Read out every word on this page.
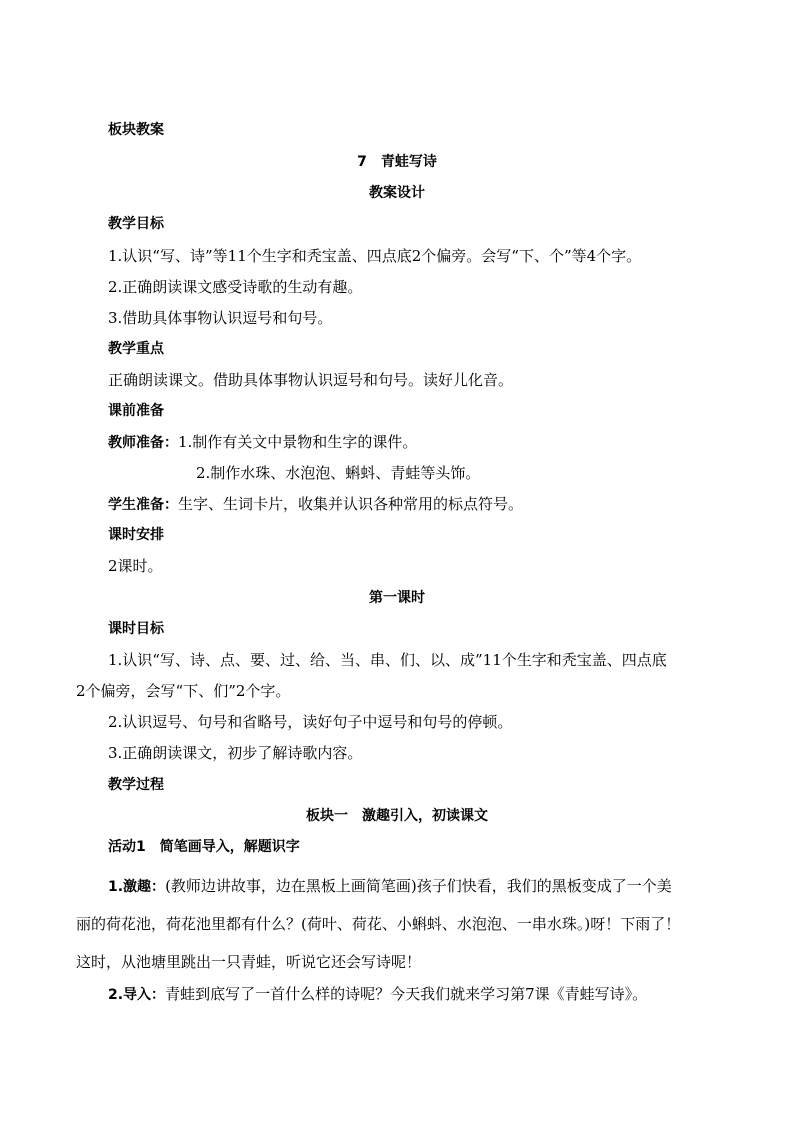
板块教案
7　青蛙写诗
教案设计
教学目标
1.认识“写、诗”等11个生字和秃宝盖、四点底2个偏旁。会写“下、个”等4个字。
2.正确朗读课文感受诗歌的生动有趣。
3.借助具体事物认识逗号和句号。
教学重点
正确朗读课文。借助具体事物认识逗号和句号。读好儿化音。
课前准备
教师准备：1.制作有关文中景物和生字的课件。
2.制作水珠、水泡泡、蝌蚪、青蛙等头饰。
学生准备：生字、生词卡片，收集并认识各种常用的标点符号。
课时安排
2课时。
第一课时
课时目标
1.认识“写、诗、点、要、过、给、当、串、们、以、成”11个生字和秃宝盖、四点底
2个偏旁，会写“下、们”2个字。
2.认识逗号、句号和省略号，读好句子中逗号和句号的停顿。
3.正确朗读课文，初步了解诗歌内容。
教学过程
板块一　激趣引入，初读课文
活动1　简笔画导入，解题识字
1.激趣：(教师边讲故事，边在黑板上画简笔画)孩子们快看，我们的黑板变成了一个美
丽的荷花池，荷花池里都有什么？(荷叶、荷花、小蝌蚪、水泡泡、一串水珠。)呀！下雨了！
这时，从池塘里跳出一只青蛙，听说它还会写诗呢！
2.导入：青蛙到底写了一首什么样的诗呢？今天我们就来学习第7课《青蛙写诗》。
